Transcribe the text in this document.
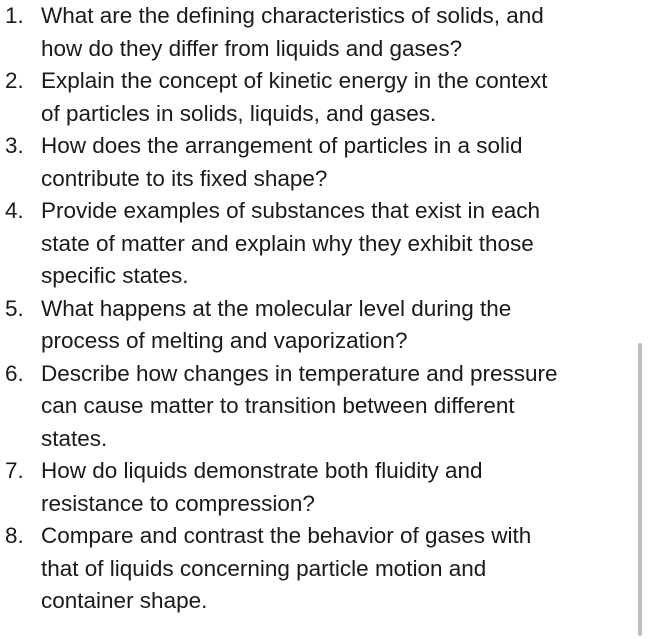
1. What are the defining characteristics of solids, and
how do they differ from liquids and gases?
2. Explain the concept of kinetic energy in the context
of particles in solids, liquids, and gases.
3. How does the arrangement of particles in a solid
contribute to its fixed shape?
4. Provide examples of substances that exist in each
state of matter and explain why they exhibit those
specific states.
5. What happens at the molecular level during the
process of melting and vaporization?
6. Describe how changes in temperature and pressure
can cause matter to transition between different
states.
7. How do liquids demonstrate both fluidity and
resistance to compression?
8. Compare and contrast the behavior of gases with
that of liquids concerning particle motion and
container shape.
